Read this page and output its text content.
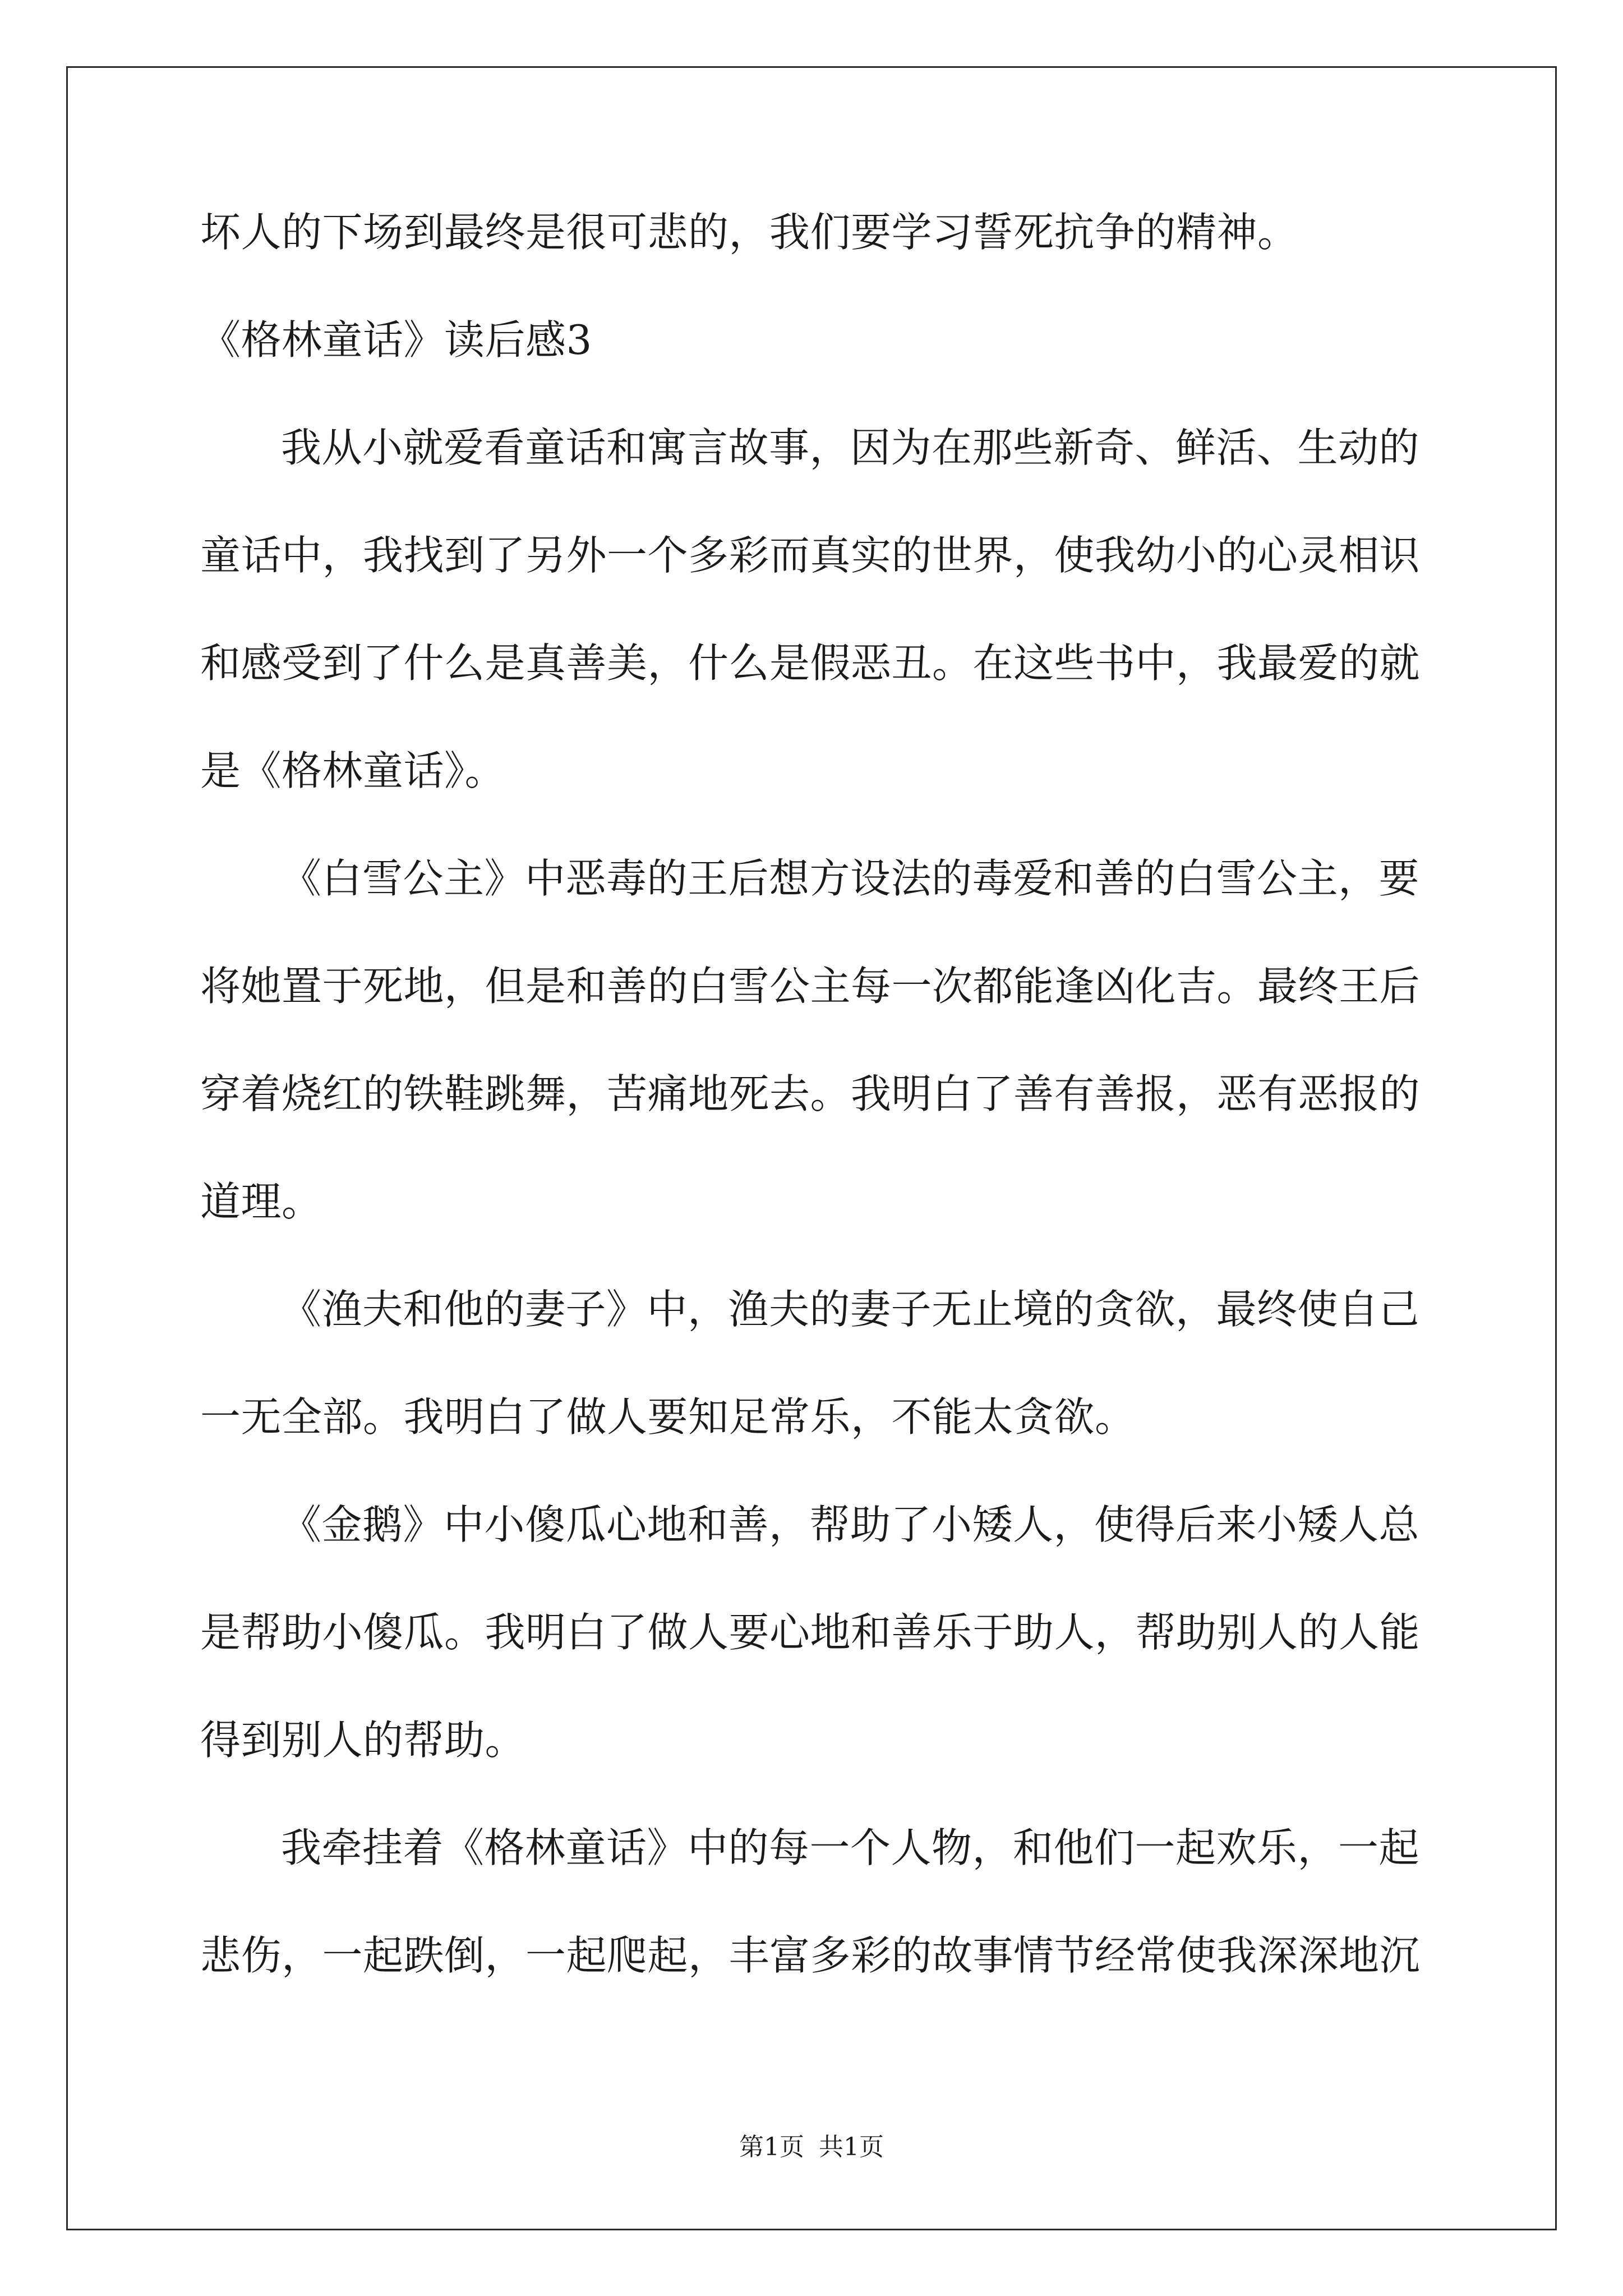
坏人的下场到最终是很可悲的，我们要学习誓死抗争的精神。
《格林童话》读后感3
我从小就爱看童话和寓言故事，因为在那些新奇、鲜活、生动的
童话中，我找到了另外一个多彩而真实的世界，使我幼小的心灵相识
和感受到了什么是真善美，什么是假恶丑。在这些书中，我最爱的就
是《格林童话》。
《白雪公主》中恶毒的王后想方设法的毒爱和善的白雪公主，要
将她置于死地，但是和善的白雪公主每一次都能逢凶化吉。最终王后
穿着烧红的铁鞋跳舞，苦痛地死去。我明白了善有善报，恶有恶报的
道理。
《渔夫和他的妻子》中，渔夫的妻子无止境的贪欲，最终使自己
一无全部。我明白了做人要知足常乐，不能太贪欲。
《金鹅》中小傻瓜心地和善，帮助了小矮人，使得后来小矮人总
是帮助小傻瓜。我明白了做人要心地和善乐于助人，帮助别人的人能
得到别人的帮助。
我牵挂着《格林童话》中的每一个人物，和他们一起欢乐，一起
悲伤，一起跌倒，一起爬起，丰富多彩的故事情节经常使我深深地沉
第1页 共1页
